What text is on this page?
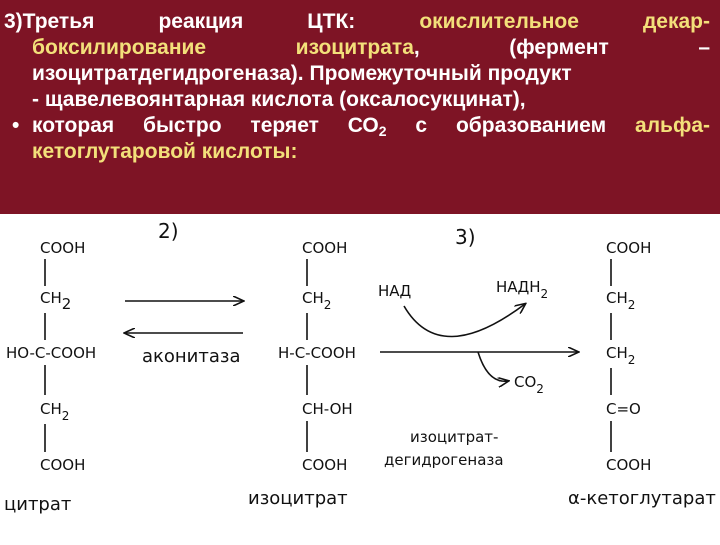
3)Третья реакция ЦТК: окислительное декар-
боксилирование изоцитрата, (фермент –
изоцитратдегидрогеназа). Промежуточный продукт
- щавелевоянтарная кислота (оксалосукцинат),
• которая быстро теряет $СО_2$ с образованием альфа-
кетоглутаровой кислоты:
2)	3)
COOH
CH2
HO-C-COOH
$CH_2$
COOH
аконитаза
COOH
$CH_2$
H-C-COOH
CH-OH
COOH
НАД	$НАДН_2$
$CO_2$
изоцитрат-
дегидрогеназа
COOH
$CH_2$
$CH_2$
C=O
COOH
цитрат	изоцитрат	α-кетоглутарат
